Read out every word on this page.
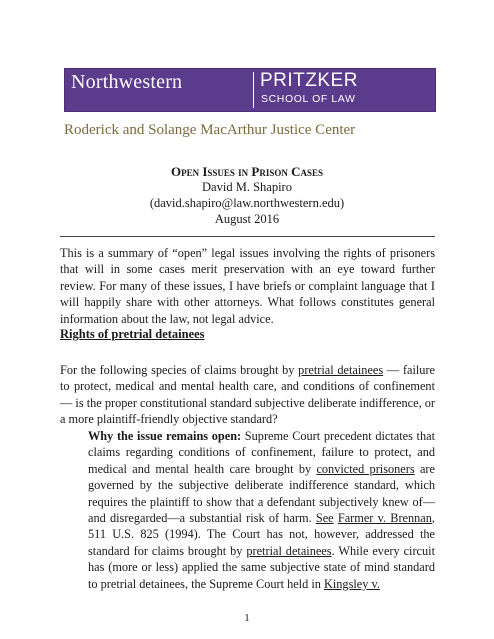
Northwestern	PRITZKER
SCHOOL OF LAW
Roderick and Solange MacArthur Justice Center
Open Issues in Prison Cases
David M. Shapiro
(david.shapiro@law.northwestern.edu)
August 2016
This is a summary of “open” legal issues involving the rights of prisoners that will in some cases merit preservation with an eye toward further review. For many of these issues, I have briefs or complaint language that I will happily share with other attorneys. What follows constitutes general information about the law, not legal advice.
Rights of pretrial detainees
For the following species of claims brought by pretrial detainees — failure to protect, medical and mental health care, and conditions of confinement — is the proper constitutional standard subjective deliberate indifference, or a more plaintiff-friendly objective standard?
Why the issue remains open: Supreme Court precedent dictates that claims regarding conditions of confinement, failure to protect, and medical and mental health care brought by convicted prisoners are governed by the subjective deliberate indifference standard, which requires the plaintiff to show that a defendant subjectively knew of— and disregarded—a substantial risk of harm. See Farmer v. Brennan, 511 U.S. 825 (1994). The Court has not, however, addressed the standard for claims brought by pretrial detainees. While every circuit has (more or less) applied the same subjective state of mind standard to pretrial detainees, the Supreme Court held in Kingsley v.
1
